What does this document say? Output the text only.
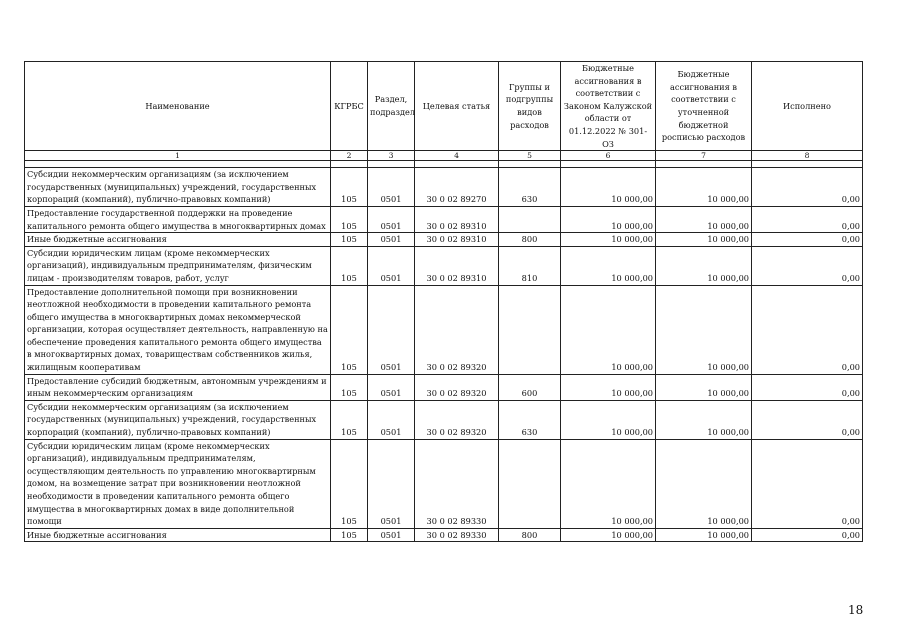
Наименование	КГРБС	Раздел, подраздел	Целевая статья	Группы и подгруппы видов расходов	Бюджетные ассигнования в соответствии с Законом Калужской области от 01.12.2022 № 301-ОЗ	Бюджетные ассигнования в соответствии с уточненной бюджетной росписью расходов	Исполнено
1	2	3	4	5	6	7	8

Субсидии некоммерческим организациям (за исключением государственных (муниципальных) учреждений, государственных корпораций (компаний), публично-правовых компаний)	105	0501	30 0 02 89270	630	10 000,00	10 000,00	0,00
Предоставление государственной поддержки на проведение капитального ремонта общего имущества в многоквартирных домах	105	0501	30 0 02 89310		10 000,00	10 000,00	0,00
Иные бюджетные ассигнования	105	0501	30 0 02 89310	800	10 000,00	10 000,00	0,00
Субсидии юридическим лицам (кроме некоммерческих организаций), индивидуальным предпринимателям, физическим лицам - производителям товаров, работ, услуг	105	0501	30 0 02 89310	810	10 000,00	10 000,00	0,00
Предоставление дополнительной помощи при возникновении неотложной необходимости в проведении капитального ремонта общего имущества в многоквартирных домах некоммерческой организации, которая осуществляет деятельность, направленную на обеспечение проведения капитального ремонта общего имущества в многоквартирных домах, товариществам собственников жилья, жилищным кооперативам	105	0501	30 0 02 89320		10 000,00	10 000,00	0,00
Предоставление субсидий бюджетным, автономным учреждениям и иным некоммерческим организациям	105	0501	30 0 02 89320	600	10 000,00	10 000,00	0,00
Субсидии некоммерческим организациям (за исключением государственных (муниципальных) учреждений, государственных корпораций (компаний), публично-правовых компаний)	105	0501	30 0 02 89320	630	10 000,00	10 000,00	0,00
Субсидии юридическим лицам (кроме некоммерческих организаций), индивидуальным предпринимателям, осуществляющим деятельность по управлению многоквартирным домом, на возмещение затрат при возникновении неотложной необходимости в проведении капитального ремонта общего имущества в многоквартирных домах в виде дополнительной помощи	105	0501	30 0 02 89330		10 000,00	10 000,00	0,00
Иные бюджетные ассигнования	105	0501	30 0 02 89330	800	10 000,00	10 000,00	0,00
18
